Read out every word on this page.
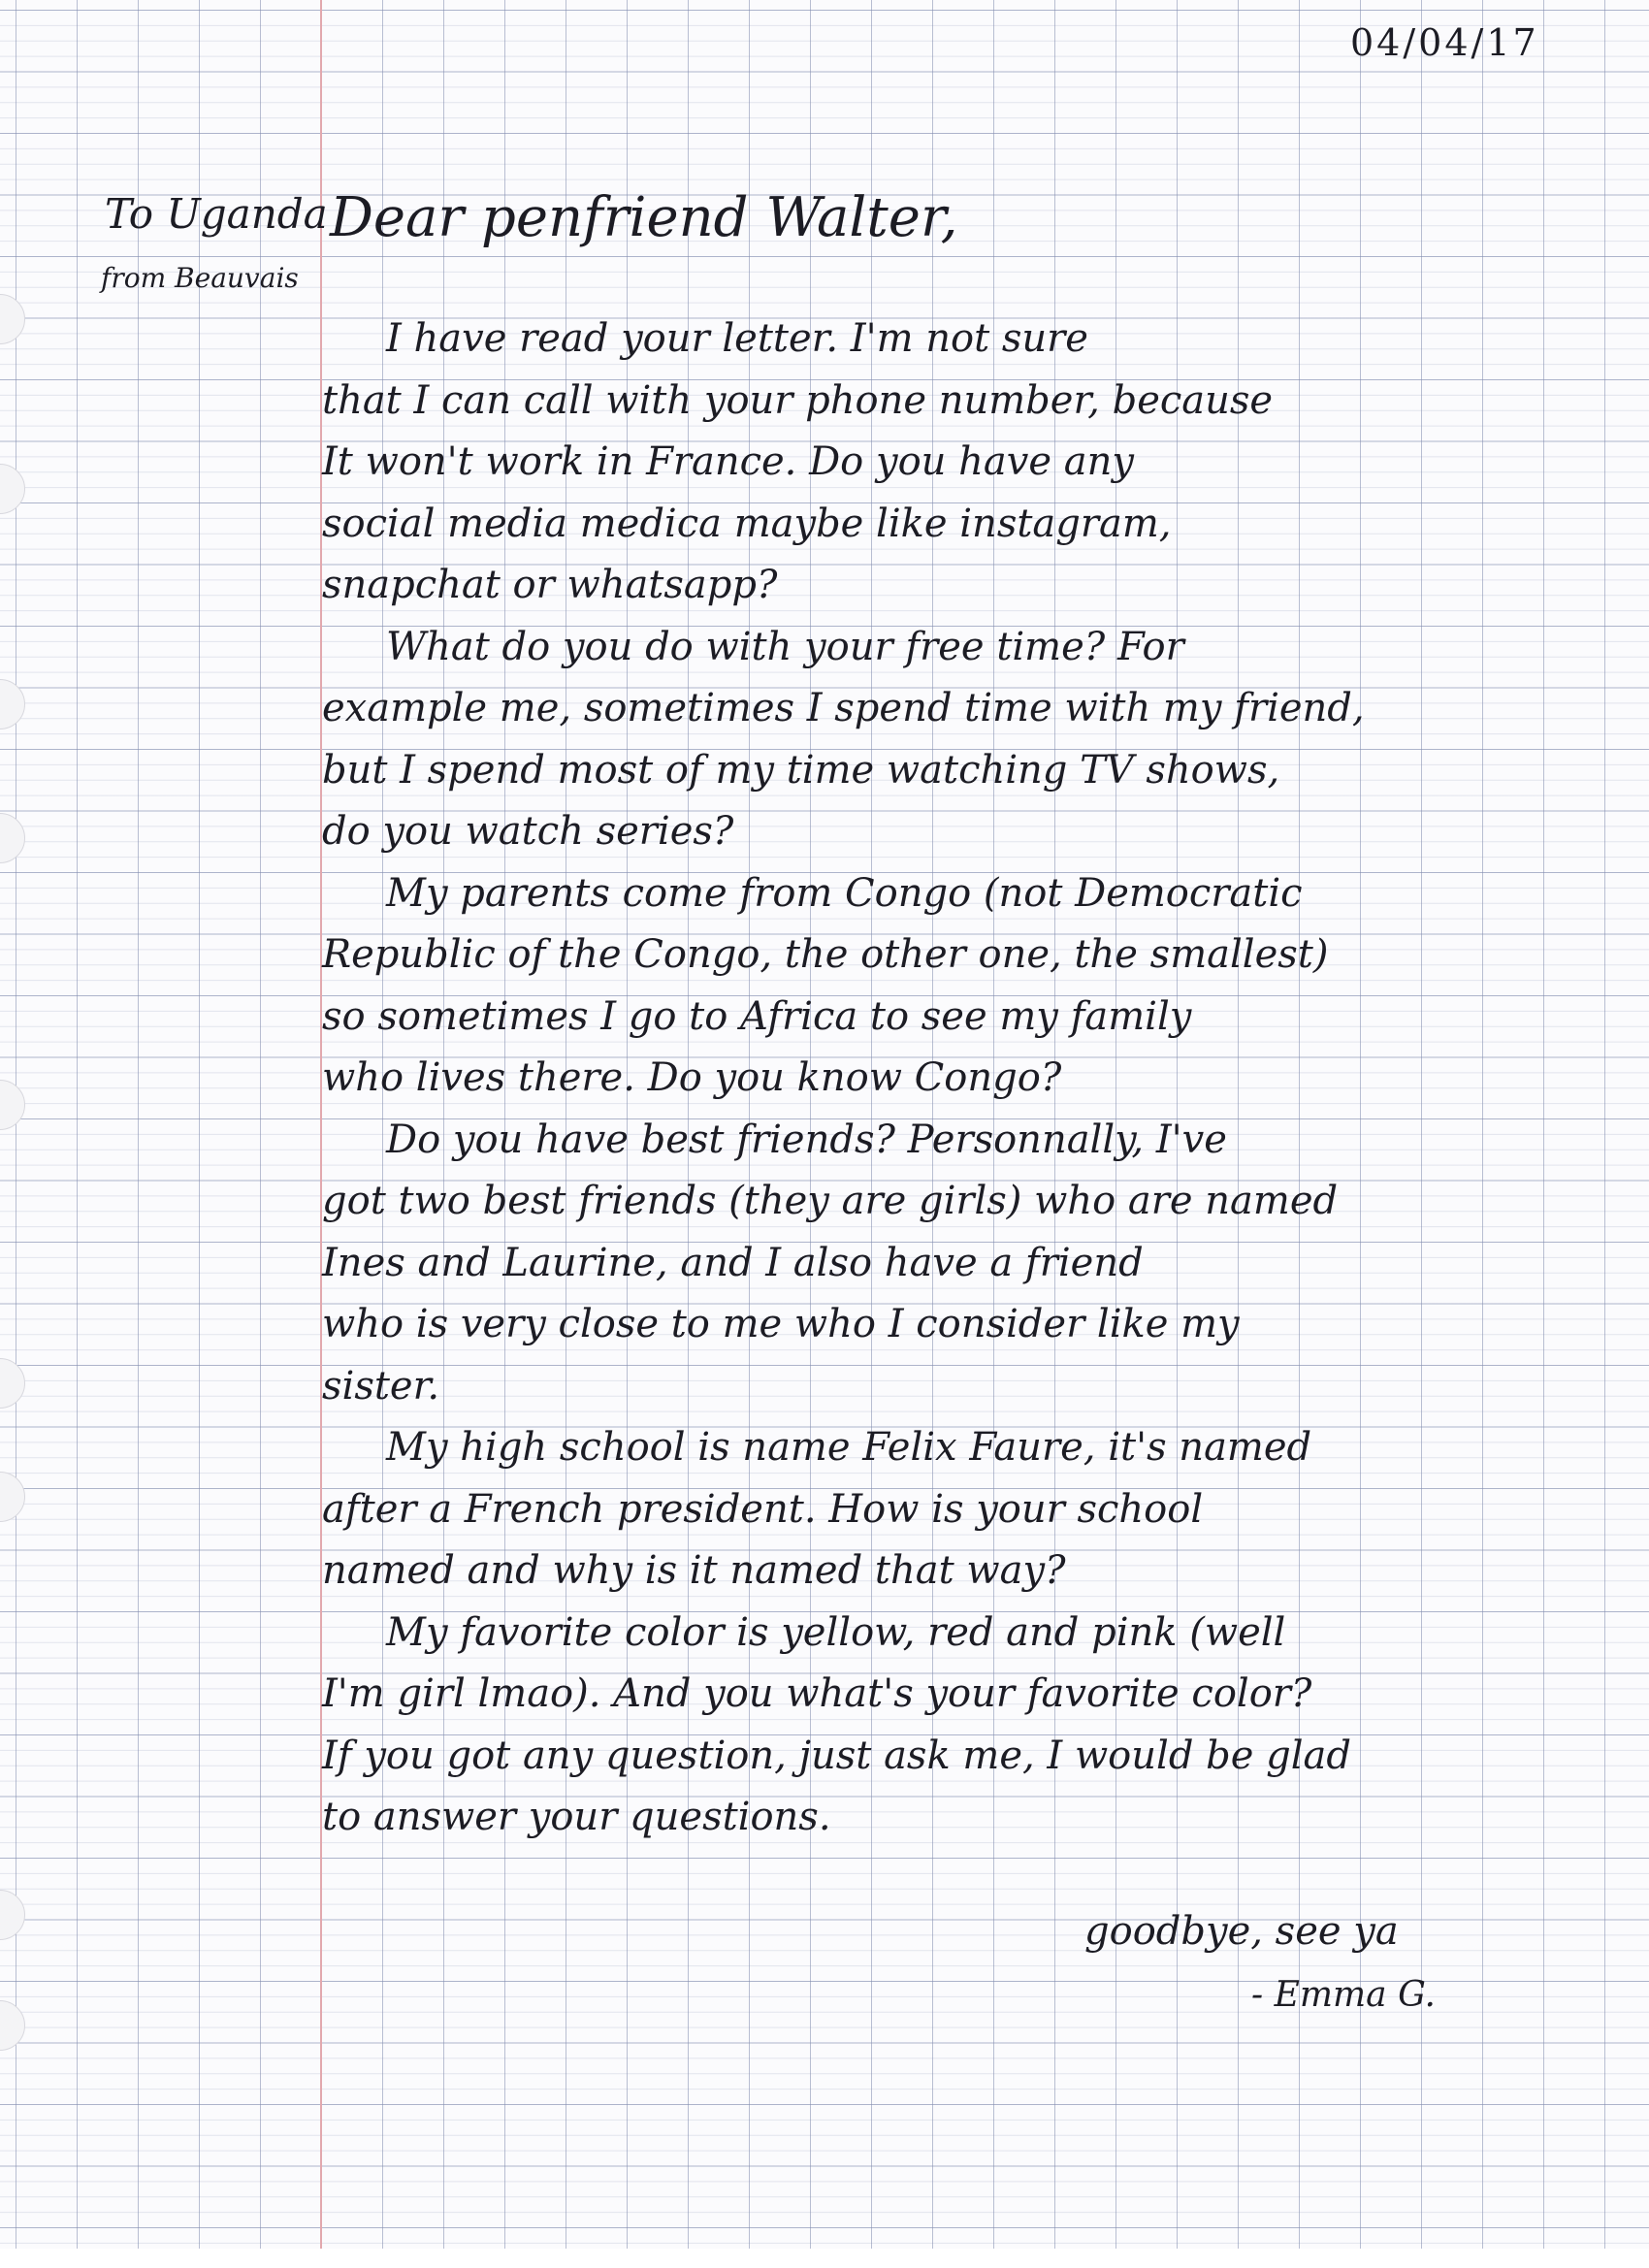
04/04/17
To Uganda
from Beauvais
Dear penfriend Walter,
I have read your letter. I'm not sure
that I can call with your phone number, because
It won't work in France. Do you have any
social media medica maybe like instagram,
snapchat or whatsapp?
What do you do with your free time? For
example me, sometimes I spend time with my friend,
but I spend most of my time watching TV shows,
do you watch series?
My parents come from Congo (not Democratic
Republic of the Congo, the other one, the smallest)
so sometimes I go to Africa to see my family
who lives there. Do you know Congo?
Do you have best friends? Personnally, I've
got two best friends (they are girls) who are named
Ines and Laurine, and I also have a friend
who is very close to me who I consider like my
sister.
My high school is name Felix Faure, it's named
after a French president. How is your school
named and why is it named that way?
My favorite color is yellow, red and pink (well
I'm girl lmao). And you what's your favorite color?
If you got any question, just ask me, I would be glad
to answer your questions.
goodbye, see ya
- Emma G.
